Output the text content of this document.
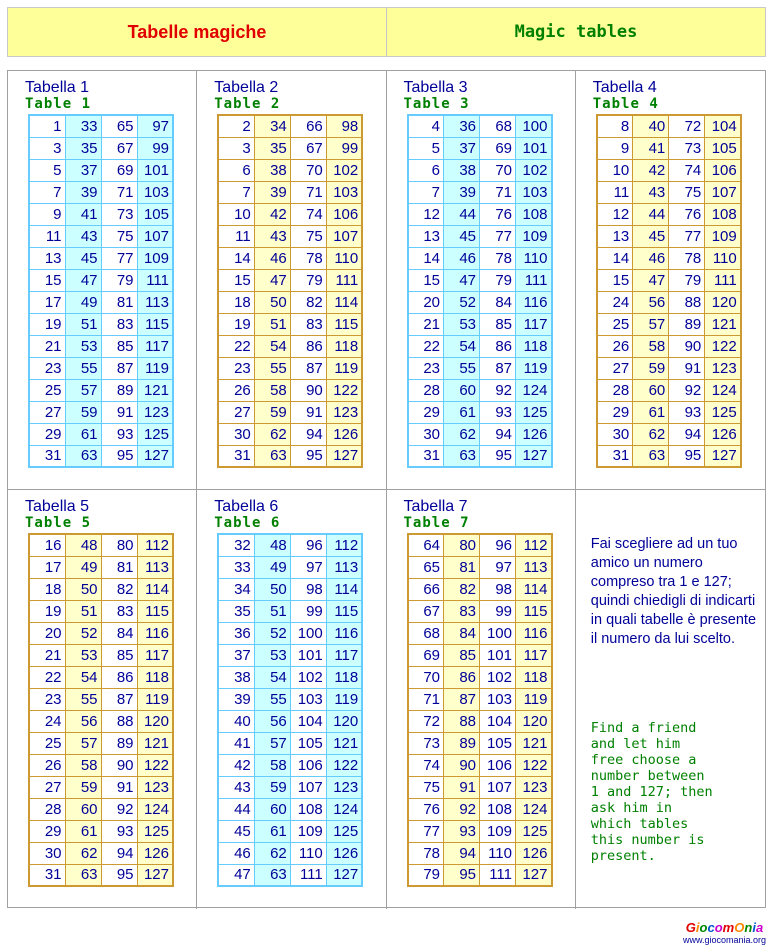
Tabelle magiche	Magic tables
Tabella 1
Table 1
1	33	65	97
3	35	67	99
5	37	69	101
7	39	71	103
9	41	73	105
11	43	75	107
13	45	77	109
15	47	79	111
17	49	81	113
19	51	83	115
21	53	85	117
23	55	87	119
25	57	89	121
27	59	91	123
29	61	93	125
31	63	95	127
Tabella 2
Table 2
2	34	66	98
3	35	67	99
6	38	70	102
7	39	71	103
10	42	74	106
11	43	75	107
14	46	78	110
15	47	79	111
18	50	82	114
19	51	83	115
22	54	86	118
23	55	87	119
26	58	90	122
27	59	91	123
30	62	94	126
31	63	95	127
Tabella 3
Table 3
4	36	68	100
5	37	69	101
6	38	70	102
7	39	71	103
12	44	76	108
13	45	77	109
14	46	78	110
15	47	79	111
20	52	84	116
21	53	85	117
22	54	86	118
23	55	87	119
28	60	92	124
29	61	93	125
30	62	94	126
31	63	95	127
Tabella 4
Table 4
8	40	72	104
9	41	73	105
10	42	74	106
11	43	75	107
12	44	76	108
13	45	77	109
14	46	78	110
15	47	79	111
24	56	88	120
25	57	89	121
26	58	90	122
27	59	91	123
28	60	92	124
29	61	93	125
30	62	94	126
31	63	95	127
Tabella 5
Table 5
16	48	80	112
17	49	81	113
18	50	82	114
19	51	83	115
20	52	84	116
21	53	85	117
22	54	86	118
23	55	87	119
24	56	88	120
25	57	89	121
26	58	90	122
27	59	91	123
28	60	92	124
29	61	93	125
30	62	94	126
31	63	95	127
Tabella 6
Table 6
32	48	96	112
33	49	97	113
34	50	98	114
35	51	99	115
36	52	100	116
37	53	101	117
38	54	102	118
39	55	103	119
40	56	104	120
41	57	105	121
42	58	106	122
43	59	107	123
44	60	108	124
45	61	109	125
46	62	110	126
47	63	111	127
Tabella 7
Table 7
64	80	96	112
65	81	97	113
66	82	98	114
67	83	99	115
68	84	100	116
69	85	101	117
70	86	102	118
71	87	103	119
72	88	104	120
73	89	105	121
74	90	106	122
75	91	107	123
76	92	108	124
77	93	109	125
78	94	110	126
79	95	111	127
Fai scegliere ad un tuo amico un numero compreso tra 1 e 127; quindi chiedigli di indicarti in quali tabelle è presente il numero da lui scelto.
Find a friend
and let him
free choose a
number between
1 and 127; then
ask him in
which tables
this number is
present.
GiocomOnia
www.giocomania.org
